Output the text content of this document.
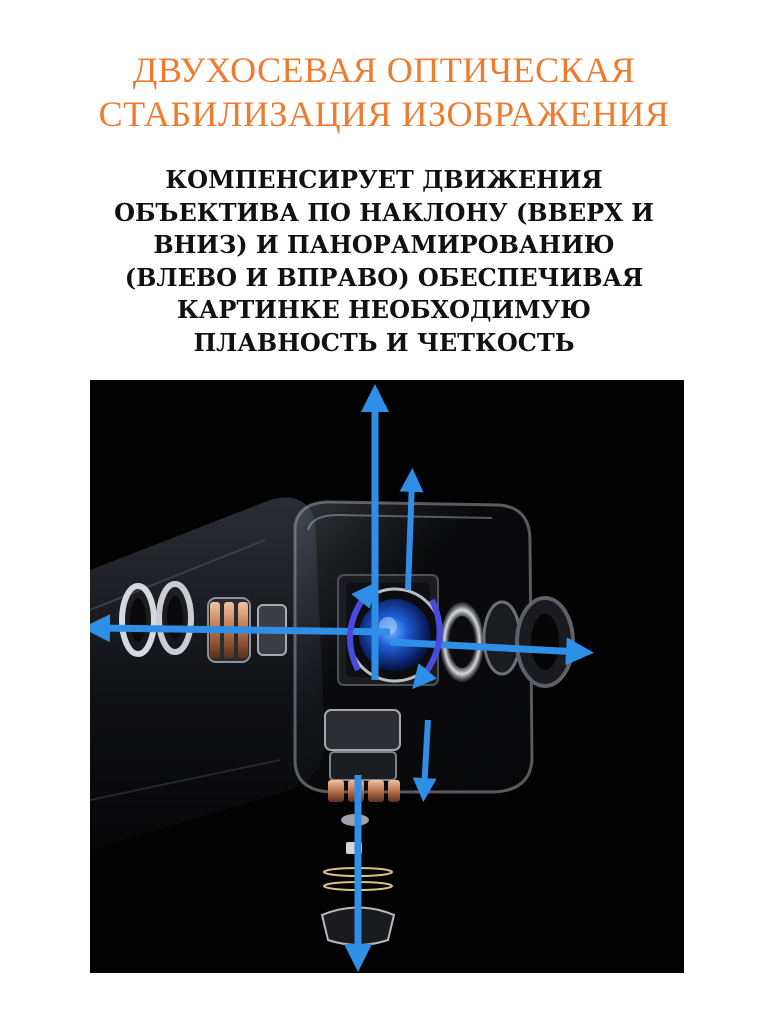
ДВУХОСЕВАЯ ОПТИЧЕСКАЯ
СТАБИЛИЗАЦИЯ ИЗОБРАЖЕНИЯ
КОМПЕНСИРУЕТ ДВИЖЕНИЯ
ОБЪЕКТИВА ПО НАКЛОНУ (ВВЕРХ И
ВНИЗ) И ПАНОРАМИРОВАНИЮ
(ВЛЕВО И ВПРАВО) ОБЕСПЕЧИВАЯ
КАРТИНКЕ НЕОБХОДИМУЮ
ПЛАВНОСТЬ И ЧЕТКОСТЬ
